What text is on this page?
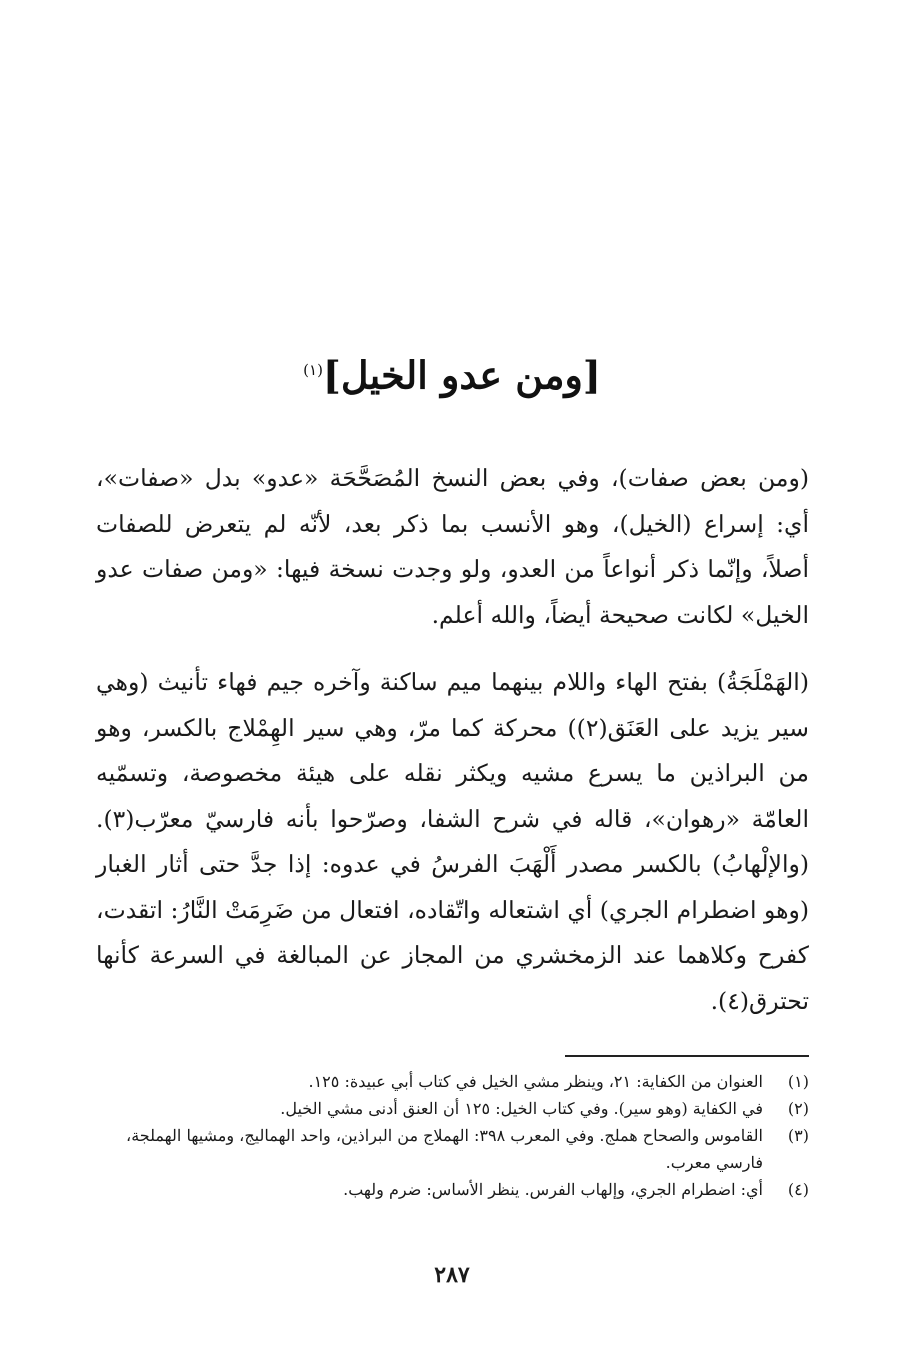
[ومن عدو الخيل]$^{(١)}$

(ومن بعض صفات)، وفي بعض النسخ المُصَحَّحَة «عدو» بدل «صفات»، أي: إسراع (الخيل)، وهو الأنسب بما ذكر بعد، لأنّه لم يتعرض للصفات أصلاً، وإنّما ذكر أنواعاً من العدو، ولو وجدت نسخة فيها: «ومن صفات عدو الخيل» لكانت صحيحة أيضاً، والله أعلم.

(الهَمْلَجَةُ) بفتح الهاء واللام بينهما ميم ساكنة وآخره جيم فهاء تأنيث (وهي سير يزيد على العَنَق(٢)) محركة كما مرّ، وهي سير الهِمْلاج بالكسر، وهو من البراذين ما يسرع مشيه ويكثر نقله على هيئة مخصوصة، وتسمّيه العامّة «رهوان»، قاله في شرح الشفا، وصرّحوا بأنه فارسيّ معرّب(٣). (والإلْهابُ) بالكسر مصدر أَلْهَبَ الفرسُ في عدوه: إذا جدَّ حتى أثار الغبار (وهو اضطرام الجري) أي اشتعاله واتّقاده، افتعال من ضَرِمَتْ النَّارُ: اتقدت، كفرح وكلاهما عند الزمخشري من المجاز عن المبالغة في السرعة كأنها تحترق(٤).

(١)
العنوان من الكفاية: ٢١، وينظر مشي الخيل في كتاب أبي عبيدة: ١٢٥.
(٢)
في الكفاية (وهو سير). وفي كتاب الخيل: ١٢٥ أن العنق أدنى مشي الخيل.
(٣)
القاموس والصحاح هملج. وفي المعرب ٣٩٨: الهملاج من البراذين، واحد الهماليج، ومشيها الهملجة، فارسي معرب.
(٤)
أي: اضطرام الجري، وإلهاب الفرس. ينظر الأساس: ضرم ولهب.
٢٨٧
